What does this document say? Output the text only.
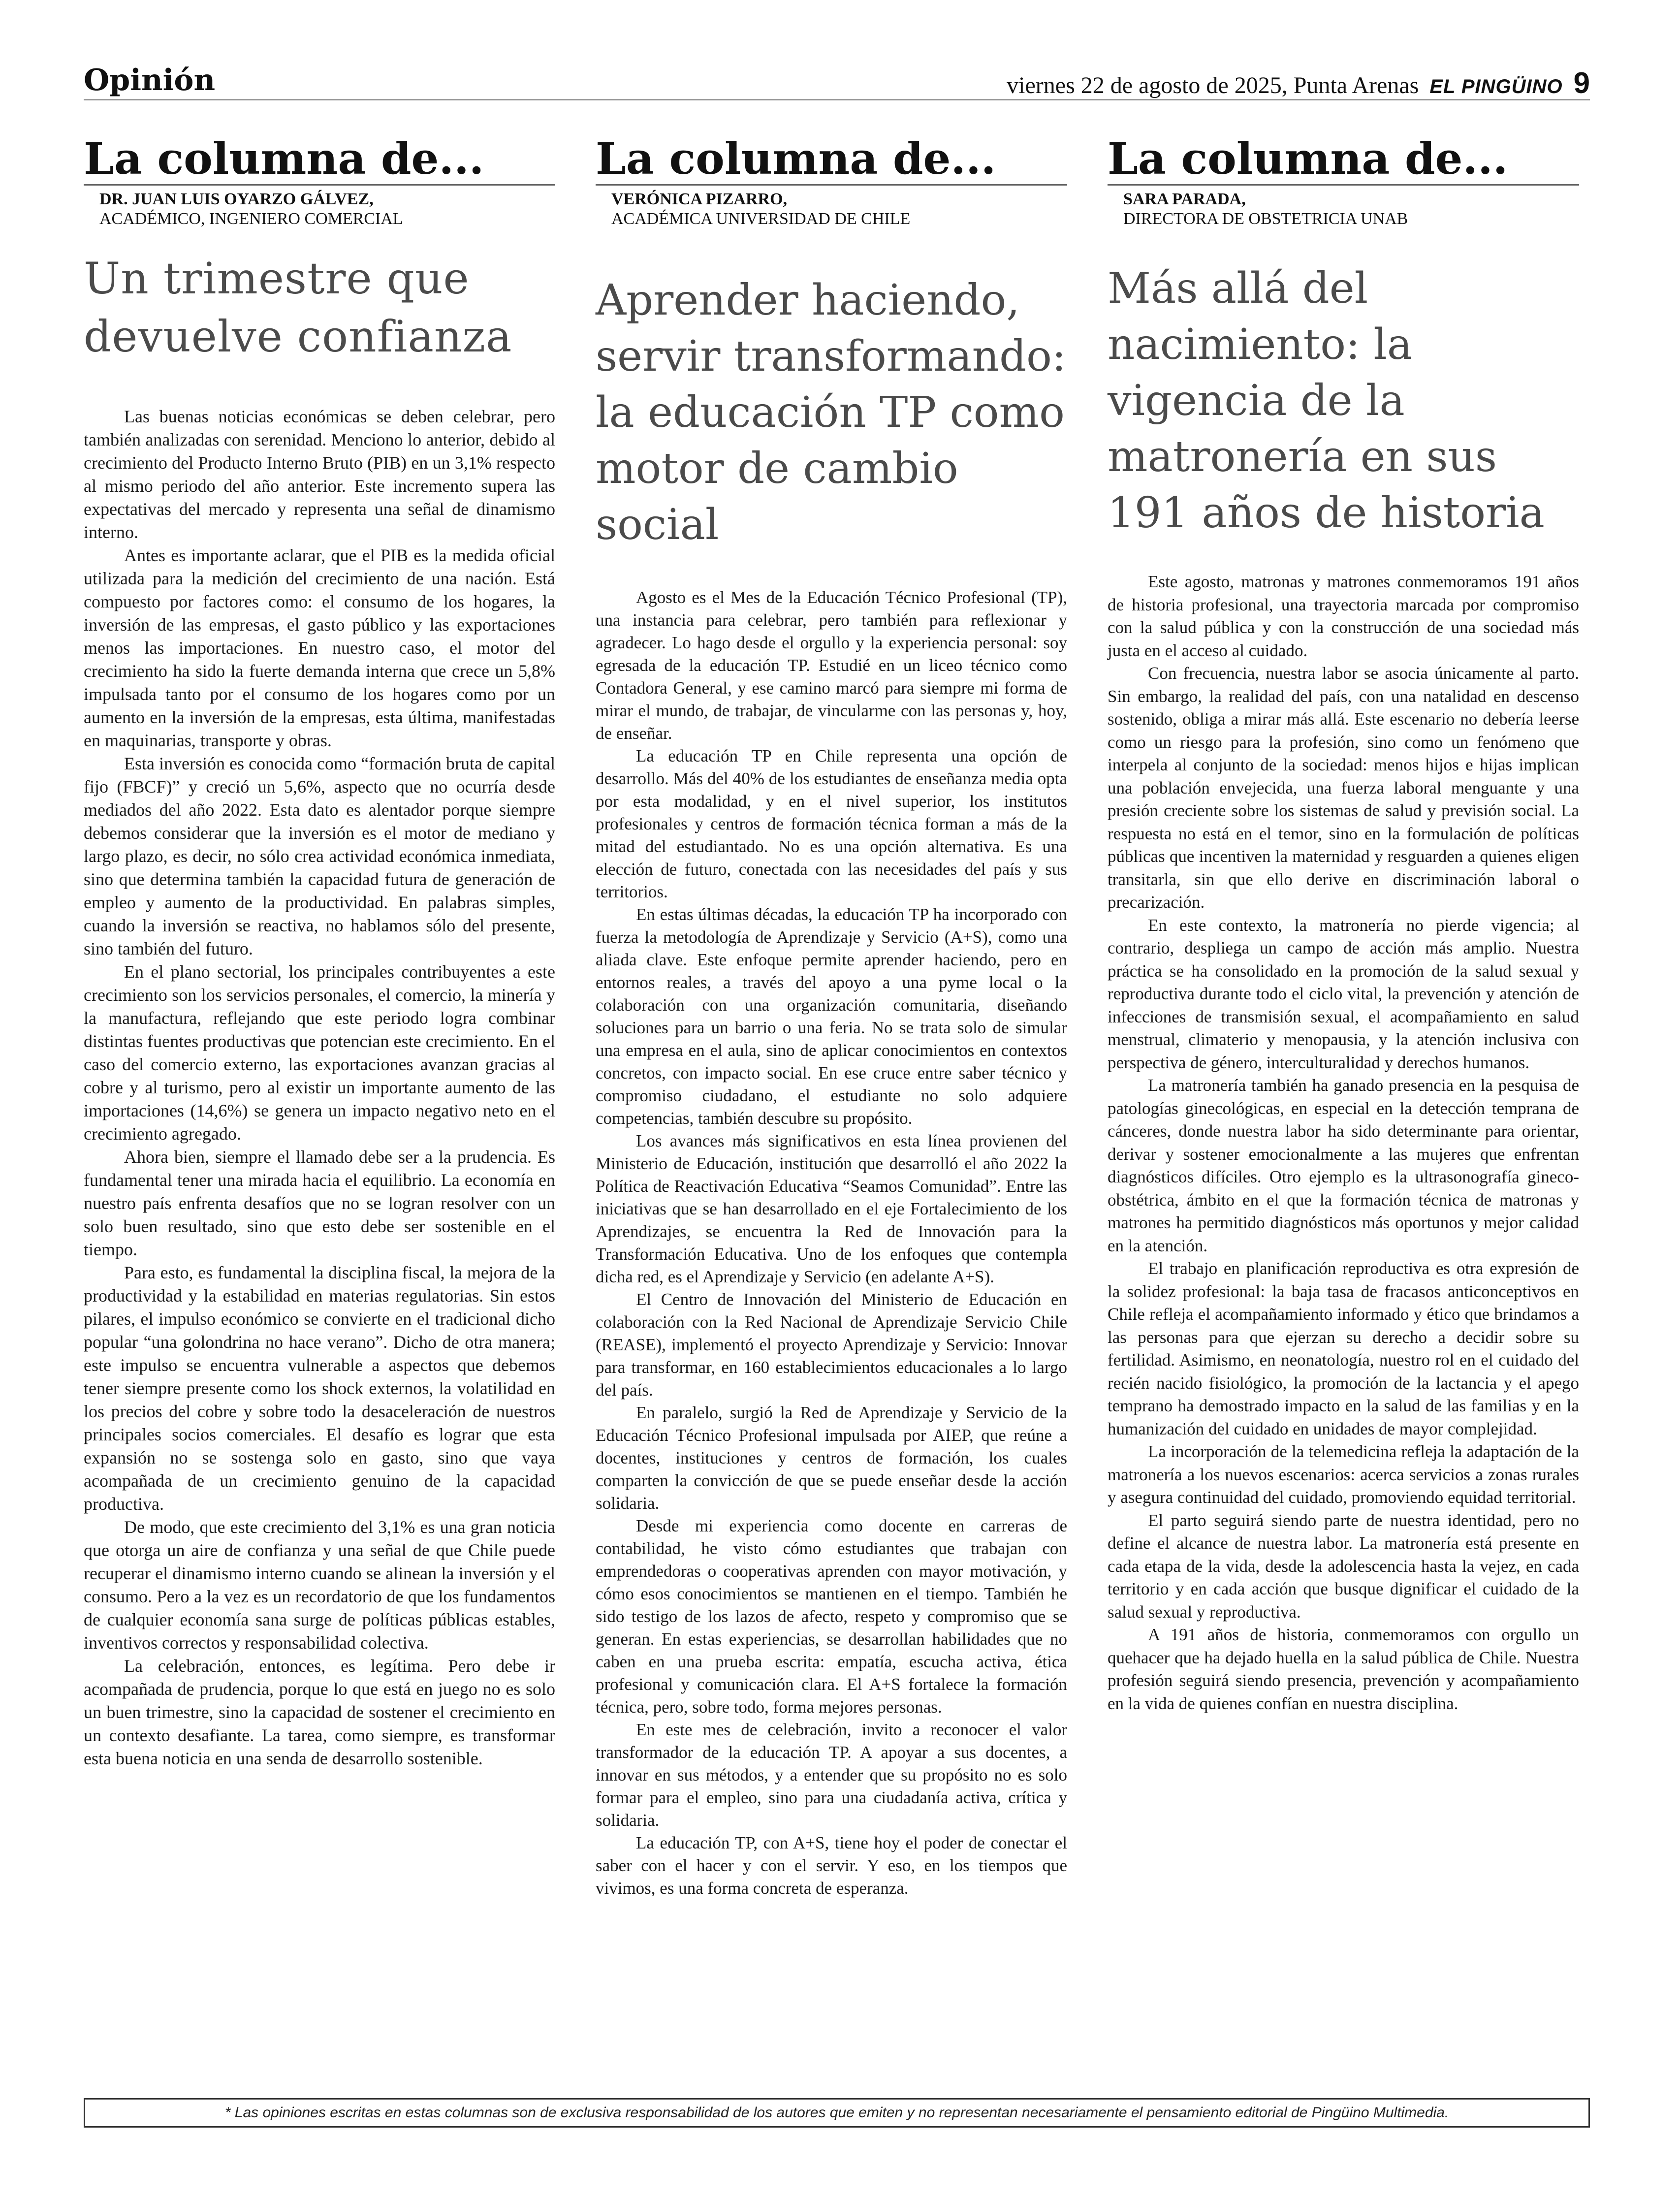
Opinión	viernes 22 de agosto de 2025, Punta Arenas EL PINGÜINO 9
La columna de...
DR. JUAN LUIS OYARZO GÁLVEZ,
ACADÉMICO, INGENIERO COMERCIAL
Un trimestre que devuelve confianza

Las buenas noticias económicas se deben celebrar, pero también analizadas con serenidad. Menciono lo anterior, debido al crecimiento del Producto Interno Bruto (PIB) en un 3,1% respecto al mismo periodo del año anterior. Este incremento supera las expectativas del mercado y representa una señal de dinamismo interno.

Antes es importante aclarar, que el PIB es la medida oficial utilizada para la medición del crecimiento de una nación. Está compuesto por factores como: el consumo de los hogares, la inversión de las empresas, el gasto público y las exportaciones menos las importaciones. En nuestro caso, el motor del crecimiento ha sido la fuerte demanda interna que crece un 5,8% impulsada tanto por el consumo de los hogares como por un aumento en la inversión de la empresas, esta última, manifestadas en maquinarias, transporte y obras.

Esta inversión es conocida como “formación bruta de capital fijo (FBCF)” y creció un 5,6%, aspecto que no ocurría desde mediados del año 2022. Esta dato es alentador porque siempre debemos considerar que la inversión es el motor de mediano y largo plazo, es decir, no sólo crea actividad económica inmediata, sino que determina también la capacidad futura de generación de empleo y aumento de la productividad. En palabras simples, cuando la inversión se reactiva, no hablamos sólo del presente, sino también del futuro.

En el plano sectorial, los principales contribuyentes a este crecimiento son los servicios personales, el comercio, la minería y la manufactura, reflejando que este periodo logra combinar distintas fuentes productivas que potencian este crecimiento. En el caso del comercio externo, las exportaciones avanzan gracias al cobre y al turismo, pero al existir un importante aumento de las importaciones (14,6%) se genera un impacto negativo neto en el crecimiento agregado.

Ahora bien, siempre el llamado debe ser a la prudencia. Es fundamental tener una mirada hacia el equilibrio. La economía en nuestro país enfrenta desafíos que no se logran resolver con un solo buen resultado, sino que esto debe ser sostenible en el tiempo.

Para esto, es fundamental la disciplina fiscal, la mejora de la productividad y la estabilidad en materias regulatorias. Sin estos pilares, el impulso económico se convierte en el tradicional dicho popular “una golondrina no hace verano”. Dicho de otra manera; este impulso se encuentra vulnerable a aspectos que debemos tener siempre presente como los shock externos, la volatilidad en los precios del cobre y sobre todo la desaceleración de nuestros principales socios comerciales. El desafío es lograr que esta expansión no se sostenga solo en gasto, sino que vaya acompañada de un crecimiento genuino de la capacidad productiva.

De modo, que este crecimiento del 3,1% es una gran noticia que otorga un aire de confianza y una señal de que Chile puede recuperar el dinamismo interno cuando se alinean la inversión y el consumo. Pero a la vez es un recordatorio de que los fundamentos de cualquier economía sana surge de políticas públicas estables, inventivos correctos y responsabilidad colectiva.

La celebración, entonces, es legítima. Pero debe ir acompañada de prudencia, porque lo que está en juego no es solo un buen trimestre, sino la capacidad de sostener el crecimiento en un contexto desafiante. La tarea, como siempre, es transformar esta buena noticia en una senda de desarrollo sostenible.

La columna de...
VERÓNICA PIZARRO,
ACADÉMICA UNIVERSIDAD DE CHILE
Aprender haciendo, servir transformando: la educación TP como motor de cambio social

Agosto es el Mes de la Educación Técnico Profesional (TP), una instancia para celebrar, pero también para reflexionar y agradecer. Lo hago desde el orgullo y la experiencia personal: soy egresada de la educación TP. Estudié en un liceo técnico como Contadora General, y ese camino marcó para siempre mi forma de mirar el mundo, de trabajar, de vincularme con las personas y, hoy, de enseñar.

La educación TP en Chile representa una opción de desarrollo. Más del 40% de los estudiantes de enseñanza media opta por esta modalidad, y en el nivel superior, los institutos profesionales y centros de formación técnica forman a más de la mitad del estudiantado. No es una opción alternativa. Es una elección de futuro, conectada con las necesidades del país y sus territorios.

En estas últimas décadas, la educación TP ha incorporado con fuerza la metodología de Aprendizaje y Servicio (A+S), como una aliada clave. Este enfoque permite aprender haciendo, pero en entornos reales, a través del apoyo a una pyme local o la colaboración con una organización comunitaria, diseñando soluciones para un barrio o una feria. No se trata solo de simular una empresa en el aula, sino de aplicar conocimientos en contextos concretos, con impacto social. En ese cruce entre saber técnico y compromiso ciudadano, el estudiante no solo adquiere competencias, también descubre su propósito.

Los avances más significativos en esta línea provienen del Ministerio de Educación, institución que desarrolló el año 2022 la Política de Reactivación Educativa “Seamos Comunidad”. Entre las iniciativas que se han desarrollado en el eje Fortalecimiento de los Aprendizajes, se encuentra la Red de Innovación para la Transformación Educativa. Uno de los enfoques que contempla dicha red, es el Aprendizaje y Servicio (en adelante A+S).

El Centro de Innovación del Ministerio de Educación en colaboración con la Red Nacional de Aprendizaje Servicio Chile (REASE), implementó el proyecto Aprendizaje y Servicio: Innovar para transformar, en 160 establecimientos educacionales a lo largo del país.

En paralelo, surgió la Red de Aprendizaje y Servicio de la Educación Técnico Profesional impulsada por AIEP, que reúne a docentes, instituciones y centros de formación, los cuales comparten la convicción de que se puede enseñar desde la acción solidaria.

Desde mi experiencia como docente en carreras de contabilidad, he visto cómo estudiantes que trabajan con emprendedoras o cooperativas aprenden con mayor motivación, y cómo esos conocimientos se mantienen en el tiempo. También he sido testigo de los lazos de afecto, respeto y compromiso que se generan. En estas experiencias, se desarrollan habilidades que no caben en una prueba escrita: empatía, escucha activa, ética profesional y comunicación clara. El A+S fortalece la formación técnica, pero, sobre todo, forma mejores personas.

En este mes de celebración, invito a reconocer el valor transformador de la educación TP. A apoyar a sus docentes, a innovar en sus métodos, y a entender que su propósito no es solo formar para el empleo, sino para una ciudadanía activa, crítica y solidaria.

La educación TP, con A+S, tiene hoy el poder de conectar el saber con el hacer y con el servir. Y eso, en los tiempos que vivimos, es una forma concreta de esperanza.

La columna de...
SARA PARADA,
DIRECTORA DE OBSTETRICIA UNAB
Más allá del nacimiento: la vigencia de la matronería en sus 191 años de historia

Este agosto, matronas y matrones conmemoramos 191 años de historia profesional, una trayectoria marcada por compromiso con la salud pública y con la construcción de una sociedad más justa en el acceso al cuidado.

Con frecuencia, nuestra labor se asocia únicamente al parto. Sin embargo, la realidad del país, con una natalidad en descenso sostenido, obliga a mirar más allá. Este escenario no debería leerse como un riesgo para la profesión, sino como un fenómeno que interpela al conjunto de la sociedad: menos hijos e hijas implican una población envejecida, una fuerza laboral menguante y una presión creciente sobre los sistemas de salud y previsión social. La respuesta no está en el temor, sino en la formulación de políticas públicas que incentiven la maternidad y resguarden a quienes eligen transitarla, sin que ello derive en discriminación laboral o precarización.

En este contexto, la matronería no pierde vigencia; al contrario, despliega un campo de acción más amplio. Nuestra práctica se ha consolidado en la promoción de la salud sexual y reproductiva durante todo el ciclo vital, la prevención y atención de infecciones de transmisión sexual, el acompañamiento en salud menstrual, climaterio y menopausia, y la atención inclusiva con perspectiva de género, interculturalidad y derechos humanos.

La matronería también ha ganado presencia en la pesquisa de patologías ginecológicas, en especial en la detección temprana de cánceres, donde nuestra labor ha sido determinante para orientar, derivar y sostener emocionalmente a las mujeres que enfrentan diagnósticos difíciles. Otro ejemplo es la ultrasonografía gineco-obstétrica, ámbito en el que la formación técnica de matronas y matrones ha permitido diagnósticos más oportunos y mejor calidad en la atención.

El trabajo en planificación reproductiva es otra expresión de la solidez profesional: la baja tasa de fracasos anticonceptivos en Chile refleja el acompañamiento informado y ético que brindamos a las personas para que ejerzan su derecho a decidir sobre su fertilidad. Asimismo, en neonatología, nuestro rol en el cuidado del recién nacido fisiológico, la promoción de la lactancia y el apego temprano ha demostrado impacto en la salud de las familias y en la humanización del cuidado en unidades de mayor complejidad.

La incorporación de la telemedicina refleja la adaptación de la matronería a los nuevos escenarios: acerca servicios a zonas rurales y asegura continuidad del cuidado, promoviendo equidad territorial.

El parto seguirá siendo parte de nuestra identidad, pero no define el alcance de nuestra labor. La matronería está presente en cada etapa de la vida, desde la adolescencia hasta la vejez, en cada territorio y en cada acción que busque dignificar el cuidado de la salud sexual y reproductiva.

A 191 años de historia, conmemoramos con orgullo un quehacer que ha dejado huella en la salud pública de Chile. Nuestra profesión seguirá siendo presencia, prevención y acompañamiento en la vida de quienes confían en nuestra disciplina.

* Las opiniones escritas en estas columnas son de exclusiva responsabilidad de los autores que emiten y no representan necesariamente el pensamiento editorial de Pingüino Multimedia.
